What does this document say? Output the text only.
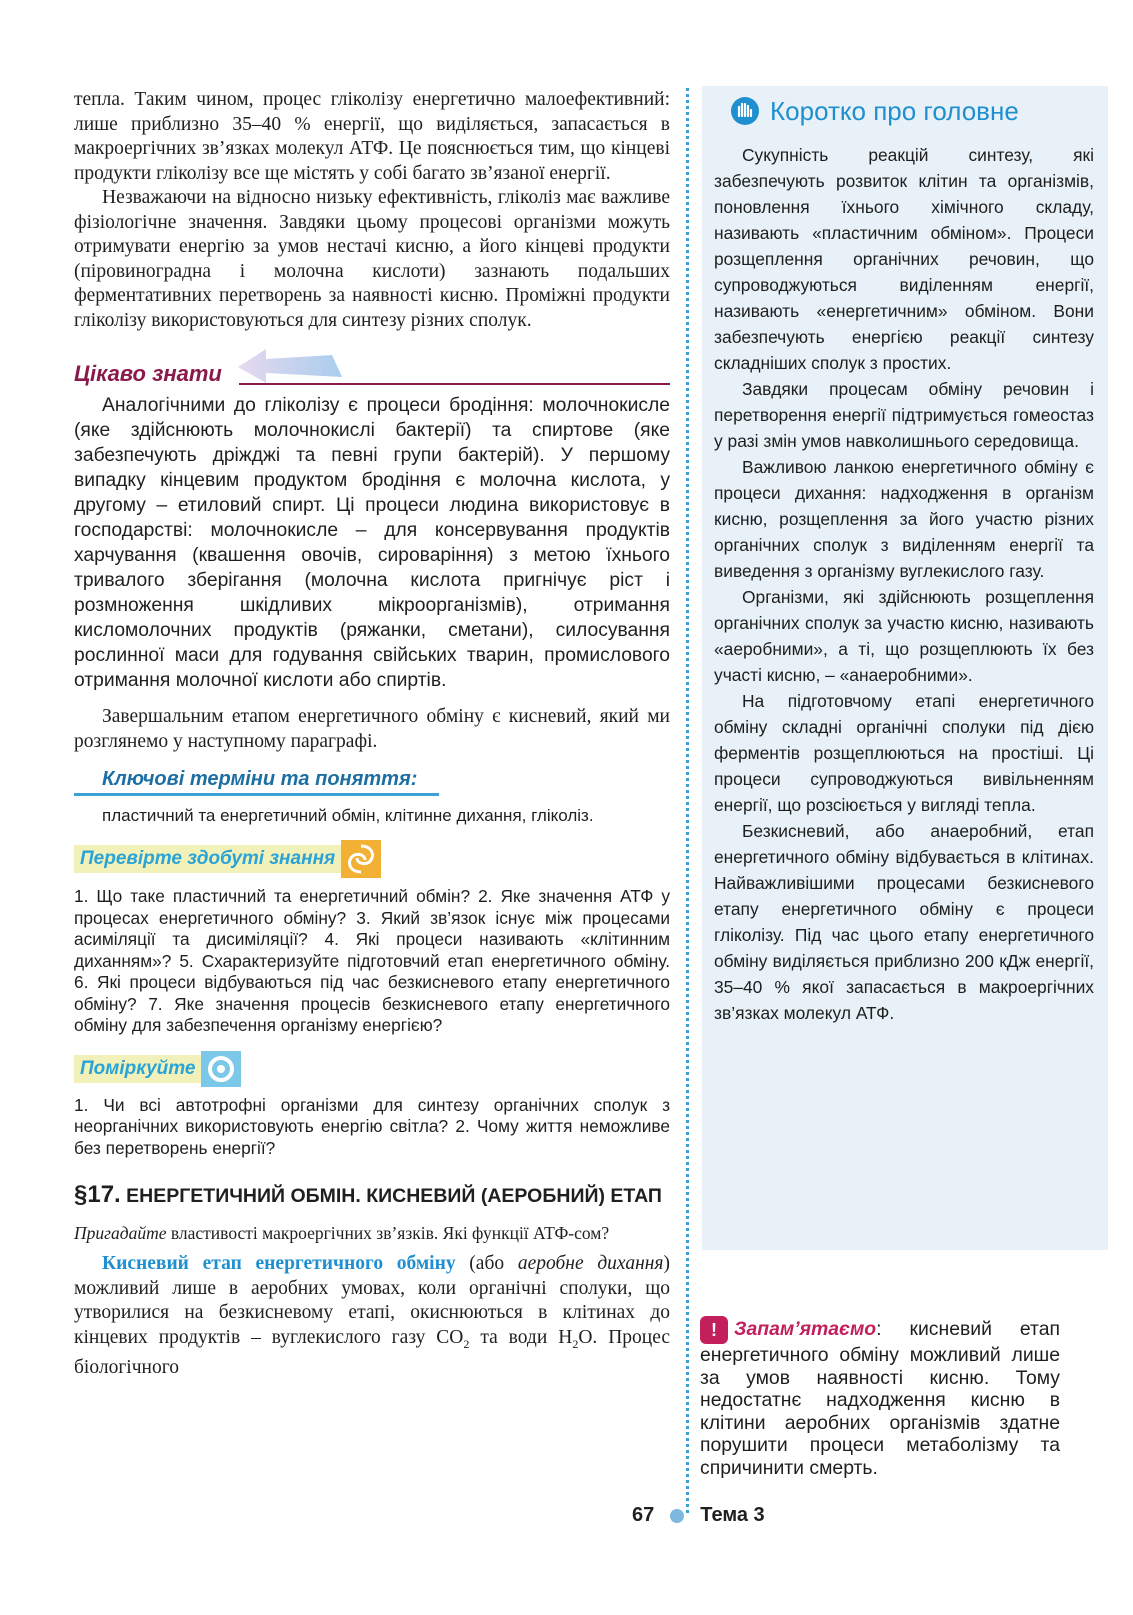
тепла. Таким чином, процес гліколізу енергетично малоефективний: лише приблизно 35–40 % енергії, що виділяється, запасається в макроергічних зв’язках молекул АТФ. Це пояснюється тим, що кінцеві продукти гліколізу все ще містять у собі багато зв’язаної енергії.

Незважаючи на відносно низьку ефективність, гліколіз має важливе фізіологічне значення. Завдяки цьому процесові організми можуть отримувати енергію за умов нестачі кисню, а його кінцеві продукти (піровиноградна і молочна кислоти) зазнають подальших ферментативних перетворень за наявності кисню. Проміжні продукти гліколізу використовуються для синтезу різних сполук.

Цікаво знати

Аналогічними до гліколізу є процеси бродіння: молочнокисле (яке здійснюють молочнокислі бактерії) та спиртове (яке забезпечують дріжджі та певні групи бактерій). У першому випадку кінцевим продуктом бродіння є молочна кислота, у другому – етиловий спирт. Ці процеси людина використовує в господарстві: молочнокисле – для консервування продуктів харчування (квашення овочів, сироваріння) з метою їхнього тривалого зберігання (молочна кислота пригнічує ріст і розмноження шкідливих мікроорганізмів), отримання кисломолочних продуктів (ряжанки, сметани), силосування рослинної маси для годування свійських тварин, промислового отримання молочної кислоти або спиртів.

Завершальним етапом енергетичного обміну є кисневий, який ми розглянемо у наступному параграфі.

Ключові терміни та поняття:
пластичний та енергетичний обмін, клітинне дихання, гліколіз.
Перевірте здобуті знання

1. Що таке пластичний та енергетичний обмін? 2. Яке значення АТФ у процесах енергетичного обміну? 3. Який зв’язок існує між процесами асиміляції та дисиміляції? 4. Які процеси називають «клітинним диханням»? 5. Схарактеризуйте підготовчий етап енергетичного обміну. 6. Які процеси відбуваються під час безкисневого етапу енергетичного обміну? 7. Яке значення процесів безкисневого етапу енергетичного обміну для забезпечення організму енергією?

Поміркуйте

1. Чи всі автотрофні організми для синтезу органічних сполук з неорганічних використовують енергію світла? 2. Чому життя неможливе без перетворень енергії?

§17. ЕНЕРГЕТИЧНИЙ ОБМІН. КИСНЕВИЙ (АЕРОБНИЙ) ЕТАП

Пригадайте властивості макроергічних зв’язків. Які функції АТФ-сом?

Кисневий етап енергетичного обміну (або аеробне дихання) можливий лише в аеробних умовах, коли органічні сполуки, що утворилися на безкисневому етапі, окиснюються в клітинах до кінцевих продуктів – вуглекислого газу $CO_2$ та води $H_2O$. Процес біологічного

Коротко про головне

Сукупність реакцій синтезу, які забезпечують розвиток клітин та організмів, поновлення їхнього хімічного складу, називають «пластичним обміном». Процеси розщеплення органічних речовин, що супроводжуються виділенням енергії, називають «енергетичним» обміном. Вони забезпечують енергією реакції синтезу складніших сполук з простих.

Завдяки процесам обміну речовин і перетворення енергії підтримується гомеостаз у разі змін умов навколишнього середовища.

Важливою ланкою енергетичного обміну є процеси дихання: надходження в організм кисню, розщеплення за його участю різних органічних сполук з виділенням енергії та виведення з організму вуглекислого газу.

Організми, які здійснюють розщеплення органічних сполук за участю кисню, називають «аеробними», а ті, що розщеплюють їх без участі кисню, – «анаеробними».

На підготовчому етапі енергетичного обміну складні органічні сполуки під дією ферментів розщеплюються на простіші. Ці процеси супроводжуються вивільненням енергії, що розсіюється у вигляді тепла.

Безкисневий, або анаеробний, етап енергетичного обміну відбувається в клітинах. Найважливішими процесами безкисневого етапу енергетичного обміну є процеси гліколізу. Під час цього етапу енергетичного обміну виділяється приблизно 200 кДж енергії, 35–40 % якої запасається в макроергічних зв’язках молекул АТФ.

! Запам’ятаємо: кисневий етап енергетичного обміну можливий лише за умов наявності кисню. Тому недостатнє надходження кисню в клітини аеробних організмів здатне порушити процеси метаболізму та спричинити смерть.
67 Тема 3
